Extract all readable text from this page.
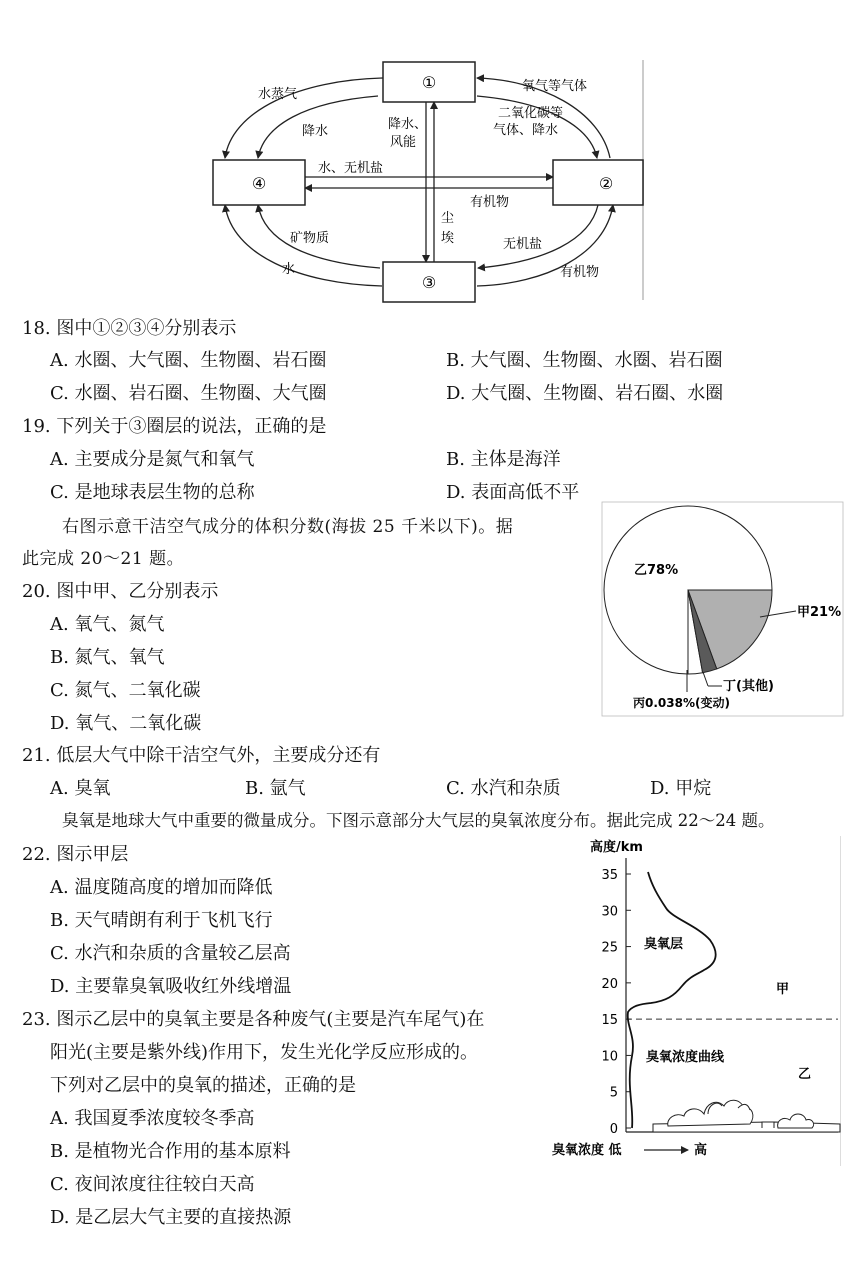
①
②
③
④
水蒸气
氧气等气体
二氧化碳等
气体、降水
降水	降水、
风能
水、无机盐
有机物
尘
埃
矿物质
水
无机盐
有机物
18. 图中①②③④分别表示
A. 水圈、大气圈、生物圈、岩石圈	B. 大气圈、生物圈、水圈、岩石圈
C. 水圈、岩石圈、生物圈、大气圈	D. 大气圈、生物圈、岩石圈、水圈
19. 下列关于③圈层的说法，正确的是
A. 主要成分是氮气和氧气	B. 主体是海洋
C. 是地球表层生物的总称	D. 表面高低不平
右图示意干洁空气成分的体积分数(海拔 25 千米以下)。据
此完成 20～21 题。
乙78%
甲21%
丁(其他)
丙0.038%(变动)
20. 图中甲、乙分别表示
A. 氧气、氮气
B. 氮气、氧气
C. 氮气、二氧化碳
D. 氧气、二氧化碳
21. 低层大气中除干洁空气外，主要成分还有
A. 臭氧	B. 氩气	C. 水汽和杂质	D. 甲烷
臭氧是地球大气中重要的微量成分。下图示意部分大气层的臭氧浓度分布。据此完成 22～24 题。
22. 图示甲层
A. 温度随高度的增加而降低
B. 天气晴朗有利于飞机飞行
C. 水汽和杂质的含量较乙层高
D. 主要靠臭氧吸收红外线增温
23. 图示乙层中的臭氧主要是各种废气(主要是汽车尾气)在
阳光(主要是紫外线)作用下，发生光化学反应形成的。
下列对乙层中的臭氧的描述，正确的是
A. 我国夏季浓度较冬季高
B. 是植物光合作用的基本原料
C. 夜间浓度往往较白天高
D. 是乙层大气主要的直接热源
高度/km
35
30
25
20
15
10
5
0
臭氧层
甲
臭氧浓度曲线
乙
臭氧浓度 低	高
